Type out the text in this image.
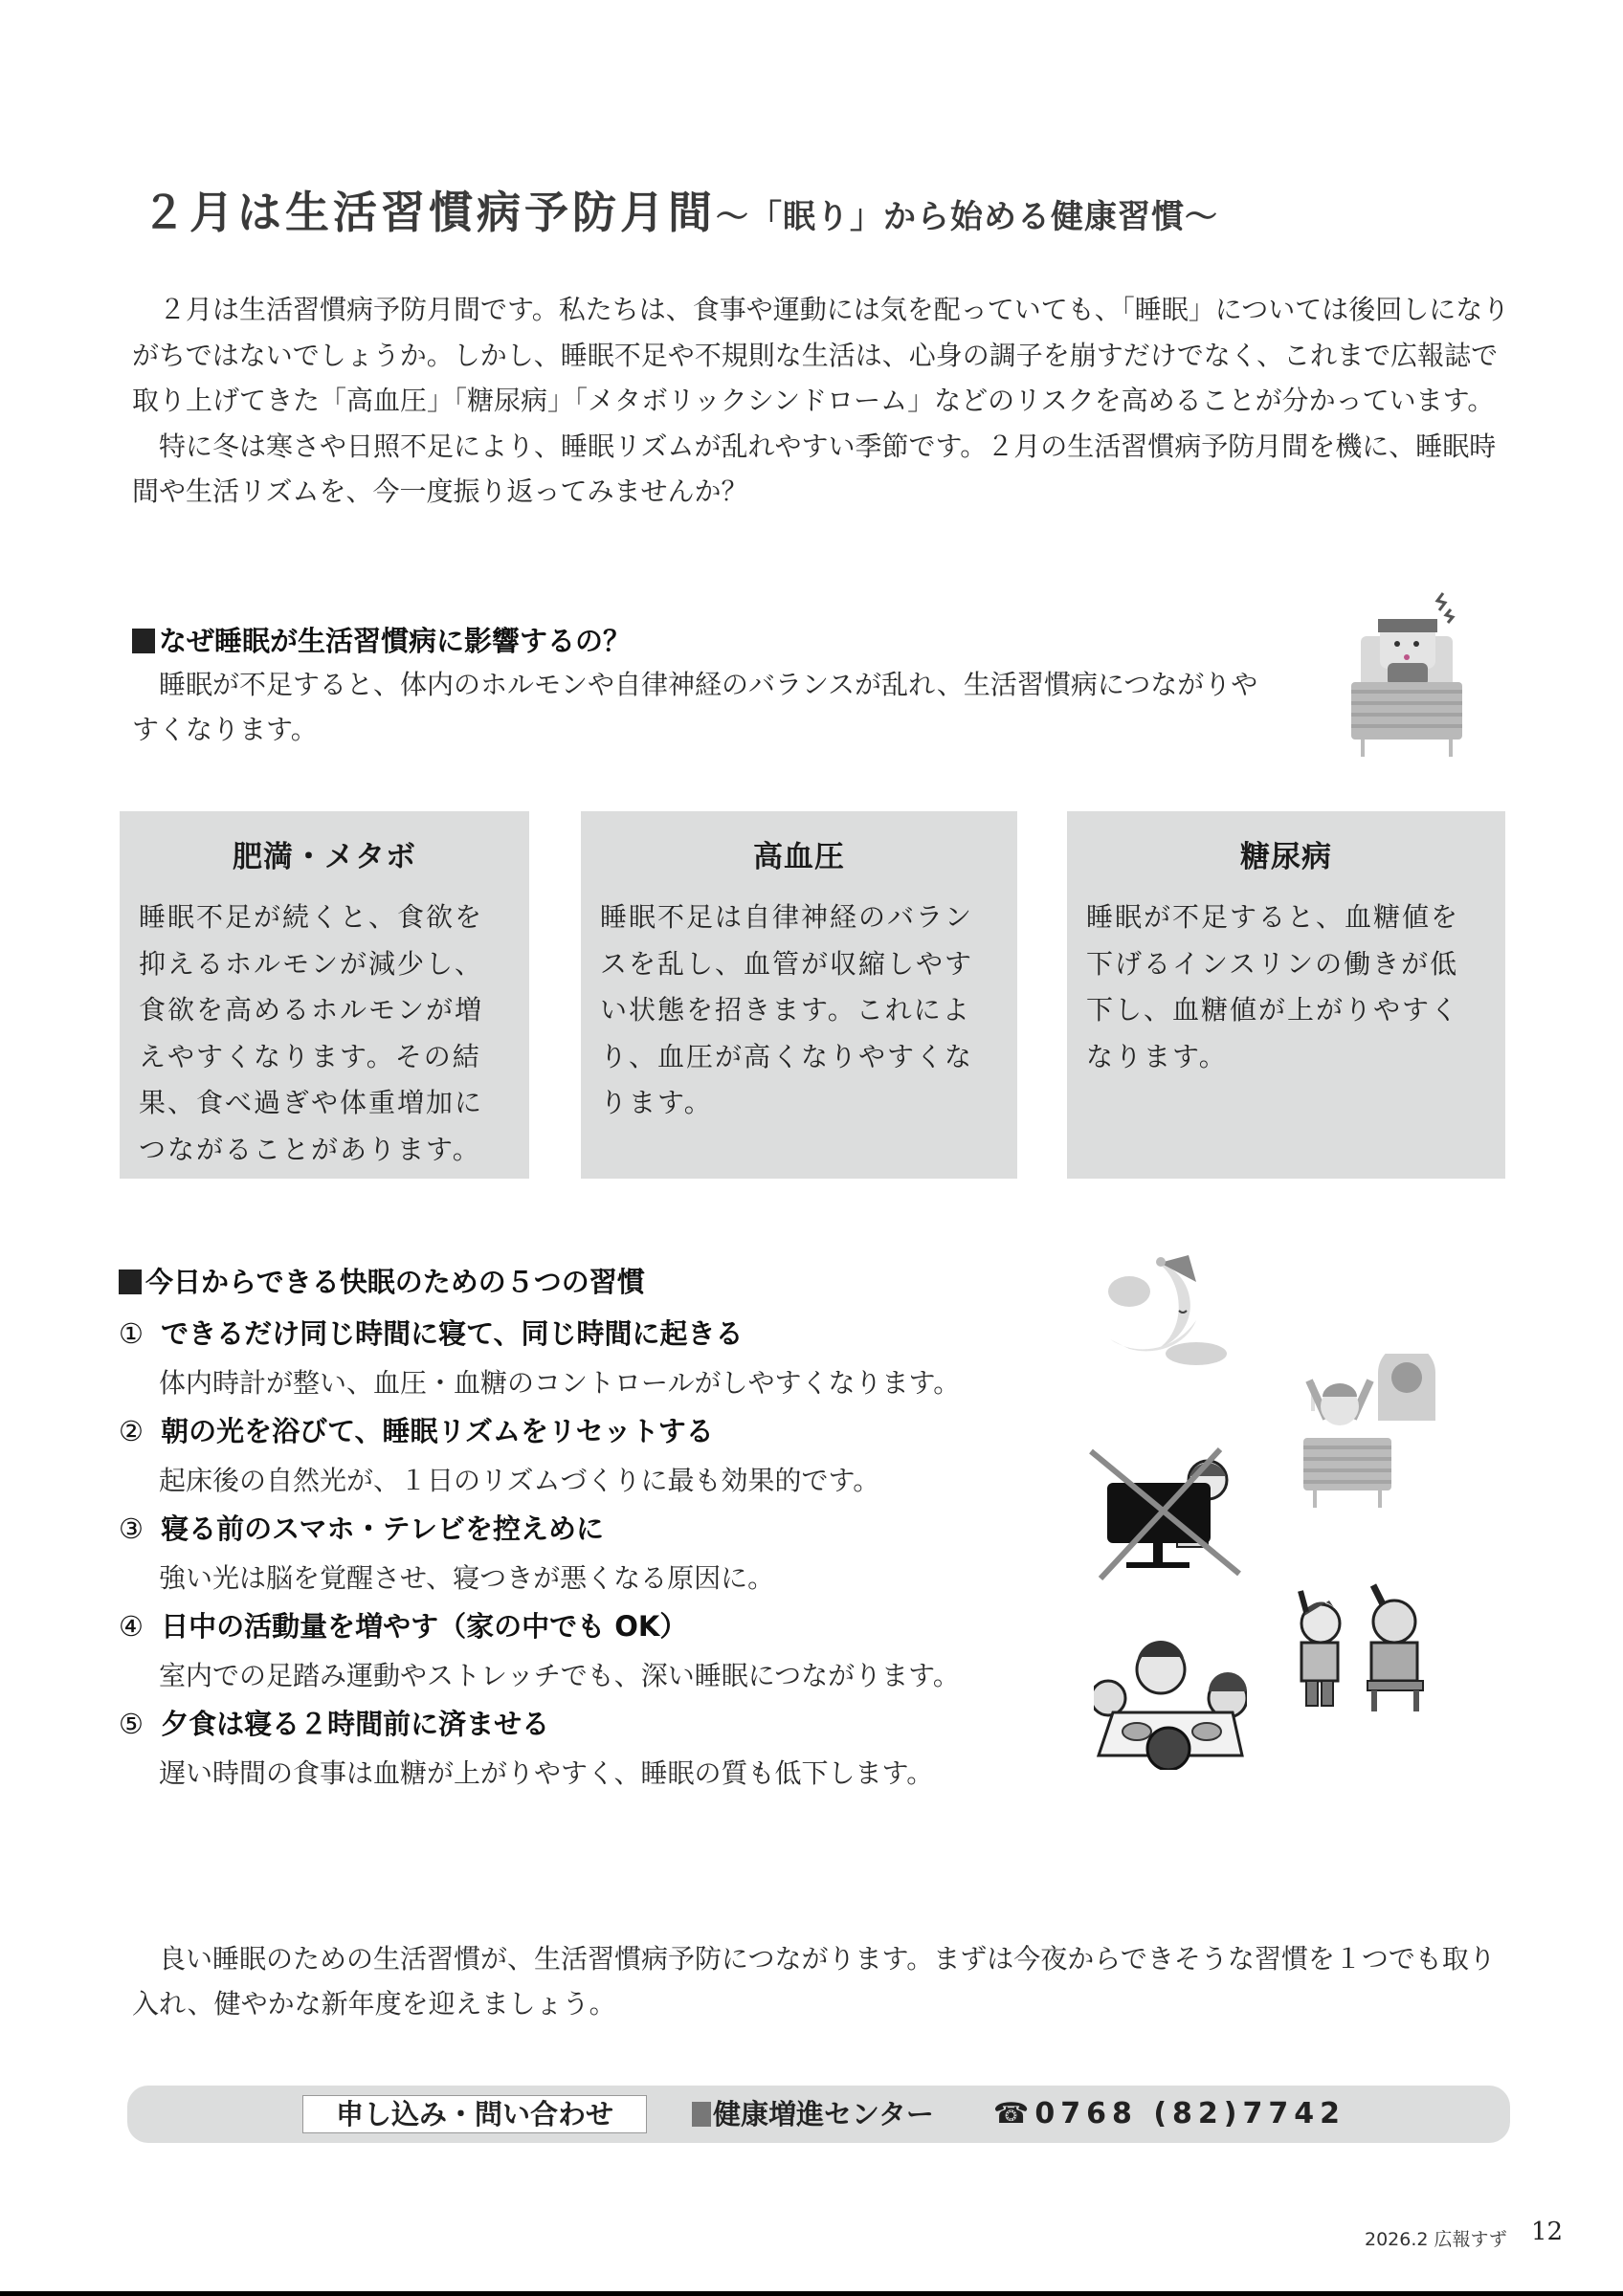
２月は生活習慣病予防月間～「眠り」から始める健康習慣～

２月は生活習慣病予防月間です。私たちは、食事や運動には気を配っていても、「睡眠」については後回しになりがちではないでしょうか。しかし、睡眠不足や不規則な生活は、心身の調子を崩すだけでなく、これまで広報誌で取り上げてきた「高血圧」「糖尿病」「メタボリックシンドローム」などのリスクを高めることが分かっています。

特に冬は寒さや日照不足により、睡眠リズムが乱れやすい季節です。２月の生活習慣病予防月間を機に、睡眠時間や生活リズムを、今一度振り返ってみませんか？

なぜ睡眠が生活習慣病に影響するの？

睡眠が不足すると、体内のホルモンや自律神経のバランスが乱れ、生活習慣病につながりやすくなります。

肥満・メタボ
睡眠不足が続くと、食欲を抑えるホルモンが減少し、食欲を高めるホルモンが増えやすくなります。その結果、食べ過ぎや体重増加につながることがあります。
高血圧
睡眠不足は自律神経のバランスを乱し、血管が収縮しやすい状態を招きます。これにより、血圧が高くなりやすくなります。
糖尿病
睡眠が不足すると、血糖値を下げるインスリンの働きが低下し、血糖値が上がりやすくなります。
今日からできる快眠のための５つの習慣
① できるだけ同じ時間に寝て、同じ時間に起きる
体内時計が整い、血圧・血糖のコントロールがしやすくなります。
② 朝の光を浴びて、睡眠リズムをリセットする
起床後の自然光が、１日のリズムづくりに最も効果的です。
③ 寝る前のスマホ・テレビを控えめに
強い光は脳を覚醒させ、寝つきが悪くなる原因に。
④ 日中の活動量を増やす（家の中でも OK）
室内での足踏み運動やストレッチでも、深い睡眠につながります。
⑤ 夕食は寝る２時間前に済ませる
遅い時間の食事は血糖が上がりやすく、睡眠の質も低下します。

良い睡眠のための生活習慣が、生活習慣病予防につながります。まずは今夜からできそうな習慣を１つでも取り入れ、健やかな新年度を迎えましょう。

申し込み・問い合わせ	健康増進センター ☎0768 (82)7742
2026.2 広報すず 12
